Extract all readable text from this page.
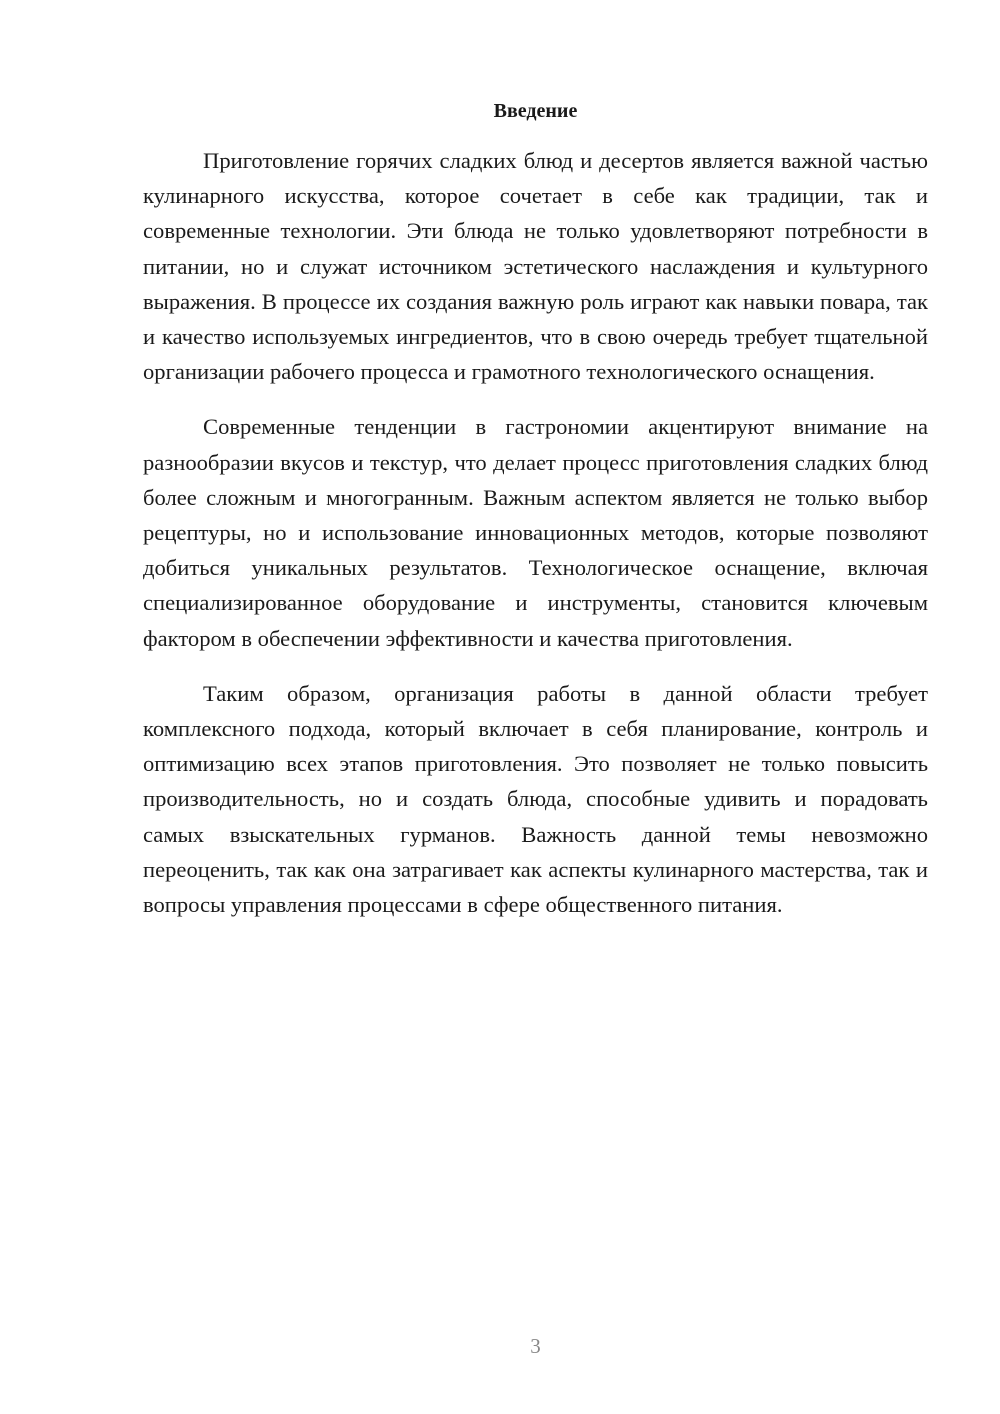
Введение

Приготовление горячих сладких блюд и десертов является важной частью кулинарного искусства, которое сочетает в себе как традиции, так и современные технологии. Эти блюда не только удовлетворяют потребности в питании, но и служат источником эстетического наслаждения и культурного выражения. В процессе их создания важную роль играют как навыки повара, так и качество используемых ингредиентов, что в свою очередь требует тщательной организации рабочего процесса и грамотного технологического оснащения.

Современные тенденции в гастрономии акцентируют внимание на разнообразии вкусов и текстур, что делает процесс приготовления сладких блюд более сложным и многогранным. Важным аспектом является не только выбор рецептуры, но и использование инновационных методов, которые позволяют добиться уникальных результатов. Технологическое оснащение, включая специализированное оборудование и инструменты, становится ключевым фактором в обеспечении эффективности и качества приготовления.

Таким образом, организация работы в данной области требует комплексного подхода, который включает в себя планирование, контроль и оптимизацию всех этапов приготовления. Это позволяет не только повысить производительность, но и создать блюда, способные удивить и порадовать самых взыскательных гурманов. Важность данной темы невозможно переоценить, так как она затрагивает как аспекты кулинарного мастерства, так и вопросы управления процессами в сфере общественного питания.

3
